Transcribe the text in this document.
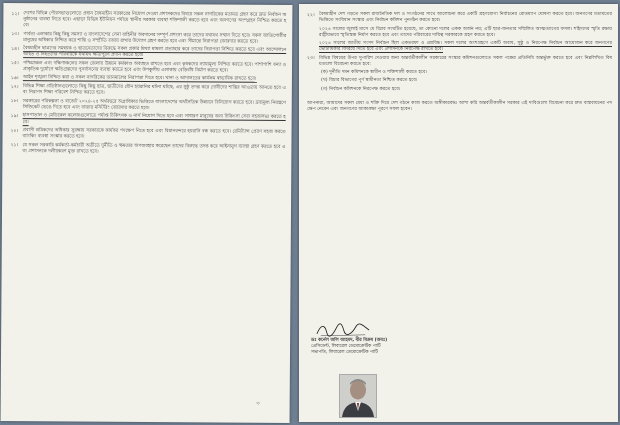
১২। দেশের বিভিন্ন পৌরসভাগুলোতে প্রধান বৈষম্যহীন সরকারের নিয়োগ দেওয়া প্রশাসকদের বিষয়ে সকল নাগরিকের মতামত গ্রহণ করে দ্রুত নির্বাচন অনুষ্ঠানের ব্যবস্থা নিতে হবে। এছাড়া বিভিন্ন ইউনিয়ন পর্যায়ে স্থানীয় সরকার ব্যবস্থা শক্তিশালী করতে হবে এবং জনগণের অংশগ্রহণ নিশ্চিত করতে হবে।
১৩। পার্বত্য এলাকার কিছু কিছু সমস্যা ও বাংলাদেশের সেনা বাহিনীর অবদানের সম্পূর্ণ প্রশংসা করে তাদের যথাযথ সম্মান দিতে হবে। সকল জাতিগোষ্ঠীর মানুষের অধিকার নিশ্চিত করে শান্তি ও সম্প্রীতি বজায় রাখার উদ্যোগ গ্রহণ করতে হবে এবং সীমান্তে নিরাপত্তা জোরদার করতে হবে।
১৪। বৈষম্যহীন ছাত্রদের সমন্বয়ক ও ছাত্রনেতাদের বিরুদ্ধে সকল প্রকার মিথ্যা মামলা প্রত্যাহার করে তাদের নিরাপত্তা নিশ্চিত করতে হবে এবং আন্দোলনে আহত ও নিহতদের পরিবারকে যথাযথ ক্ষতিপূরণ প্রদান করতে হবে।
১৫। পশ্চিমাঞ্চল এবং দক্ষিণাঞ্চলের সকল জেলায় উন্নয়ন কর্মকাণ্ড অব্যাহত রাখতে হবে এবং কৃষকদের ন্যায্যমূল্য নিশ্চিত করতে হবে। পাশাপাশি বন্যা ও প্রাকৃতিক দুর্যোগে ক্ষতিগ্রস্তদের পুনর্বাসনের ব্যবস্থা করতে হবে এবং উপকূলীয় এলাকায় বেড়িবাঁধ নির্মাণ করতে হবে।
১৬। আইন শৃঙ্খলা নিশ্চিত করা ও সকল নাগরিকের জানমালের নিরাপত্তা দিতে হবে। থানা ও আদালতের কার্যক্রম স্বাভাবিক রাখতে হবে।
১৭। বিভিন্ন শিক্ষা প্রতিষ্ঠানগুলোতে কিছু কিছু ছাত্র, ছাত্রীদের যৌন হয়রানির ঘটনা ঘটছে, এর সুষ্ঠু তদন্ত করে দোষীদের শাস্তির আওতায় আনতে হবে এবং নিরাপদ শিক্ষা পরিবেশ নিশ্চিত করতে হবে।
১৮। সরকারের পরিকল্পনা ও বাজেট ২০২৪-২৫ অর্থবছরে অগ্রাধিকার ভিত্তিতে বাংলাদেশের অর্থনৈতিক উন্নয়নে বিনিয়োগ করতে হবে। দ্রব্যমূল্য নিয়ন্ত্রণে সিন্ডিকেট ভেঙে দিতে হবে এবং বাজার মনিটরিং জোরদার করতে হবে।
১৯। হাসপাতাল ও মেডিকেল কলেজগুলোতে পর্যাপ্ত চিকিৎসক ও নার্স নিয়োগ দিতে হবে এবং সাধারণ মানুষের জন্য চিকিৎসা সেবা সহজলভ্য করতে হবে।
২০। প্রবাসী শ্রমিকদের অধিকার সুরক্ষায় সরকারকে কার্যকর পদক্ষেপ নিতে হবে এবং বিমানবন্দরে হয়রানি বন্ধ করতে হবে। রেমিট্যান্স প্রেরণ সহজ করতে ব্যাংকিং ব্যবস্থা সংস্কার করতে হবে।
২১। যে সকল সরকারি কর্মকর্তা-কর্মচারী অতীতে দুর্নীতি ও ক্ষমতার অপব্যবহার করেছেন তাদের বিরুদ্ধে তদন্ত করে আইনানুগ ব্যবস্থা গ্রহণ করতে হবে এবং প্রশাসনকে দলীয়করণ মুক্ত রাখতে হবে।
৩
২২। বৈষম্যহীন দেশ গড়তে সকল রাজনৈতিক দল ও সংগঠনের সাথে আলোচনা করে একটি গ্রহণযোগ্য নির্বাচনের রোডম্যাপ ঘোষণা করতে হবে। জনগণের মতামতের ভিত্তিতে সংবিধান সংস্কার এবং নির্বাচন কমিশন পুনর্গঠন করতে হবে।
২০২৪ সালের জুলাই মাসে যে বিপ্লব সংঘটিত হয়েছে, তা কোনো দলের একক অর্জন নয়; এটি ছাত্র-জনতার সম্মিলিত আত্মত্যাগের ফসল। শহিদদের স্মৃতি রক্ষায় রাষ্ট্রীয়ভাবে স্মৃতিস্তম্ভ নির্মাণ করতে হবে এবং তাদের পরিবারের দায়িত্ব সরকারকে গ্রহণ করতে হবে।
২০২৪ সালের জাতীয় সংসদ নির্বাচন ছিল একতরফা ও প্রশ্নবিদ্ধ। সকল দলের অংশগ্রহণে একটি অবাধ, সুষ্ঠু ও নিরপেক্ষ নির্বাচন আয়োজন করে জনগণের ভোটাধিকার ফিরিয়ে দিতে হবে এবং প্রশাসনকে নিরপেক্ষ রাখতে হবে।
২৩। বিভিন্ন বিষয়ের উপর সুপারিশ দেওয়ার জন্য অন্তর্বর্তীকালীন সরকারের সংস্কার কমিশনগুলোতে সকল পক্ষের প্রতিনিধি অন্তর্ভুক্ত করতে হবে এবং নিম্নলিখিত বিষয়গুলো বিবেচনা করতে হবে:
(ক) দুর্নীতি দমন কমিশনকে স্বাধীন ও শক্তিশালী করতে হবে।
(খ) বিচার বিভাগের পূর্ণ স্বাধীনতা নিশ্চিত করতে হবে।
(গ) নির্বাচন কমিশনকে নিরপেক্ষ করতে হবে।
আপনারা, আমাদের সকল মেধা ও শক্তি দিয়ে দেশ গঠনে কাজ করতে অঙ্গীকারবদ্ধ। আশা করি অন্তর্বর্তীকালীন সরকার এই দাবিগুলো বিবেচনা করে দ্রুত বাস্তবায়নের পদক্ষেপ নেবেন এবং জনগণের আকাঙ্ক্ষা পূরণে সফল হবেন।
ডঃ কর্নেল অলি আহমদ, বীর বিক্রম (অবঃ)
প্রেসিডেন্ট, লিবারেল ডেমোক্রেটিক পার্টি
সভাপতি, লিবারেল ডেমোক্রেটিক পার্টি
